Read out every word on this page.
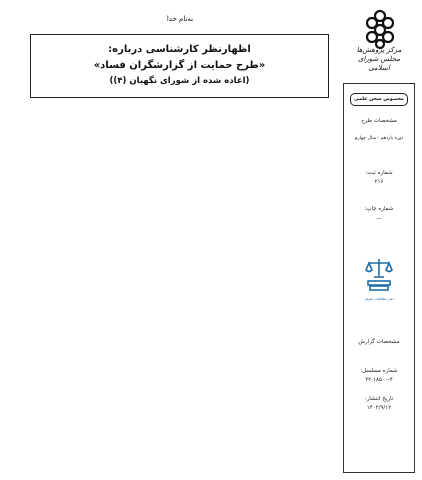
به‌نام خدا
اظهارنظر کارشناسی درباره:
«طرح حمایت از گزارشگران فساد»
(اعاده شده از شورای نگهبان (۴))
مرکز پژوهش‌ها
مجلس شورای اسلامی
مخصوص سخن علمی
مشخصات طرح
دوره یازدهم - سال چهارم
شماره ثبت:
۲۱۶
شماره چاپ:
—
دفتر مطالعات حقوقی
مشخصات گزارش
شماره مسلسل:
۲۲-۱۸۵۰۰-۴
تاریخ انتشار:
۱۴۰۲/۹/۱۲
